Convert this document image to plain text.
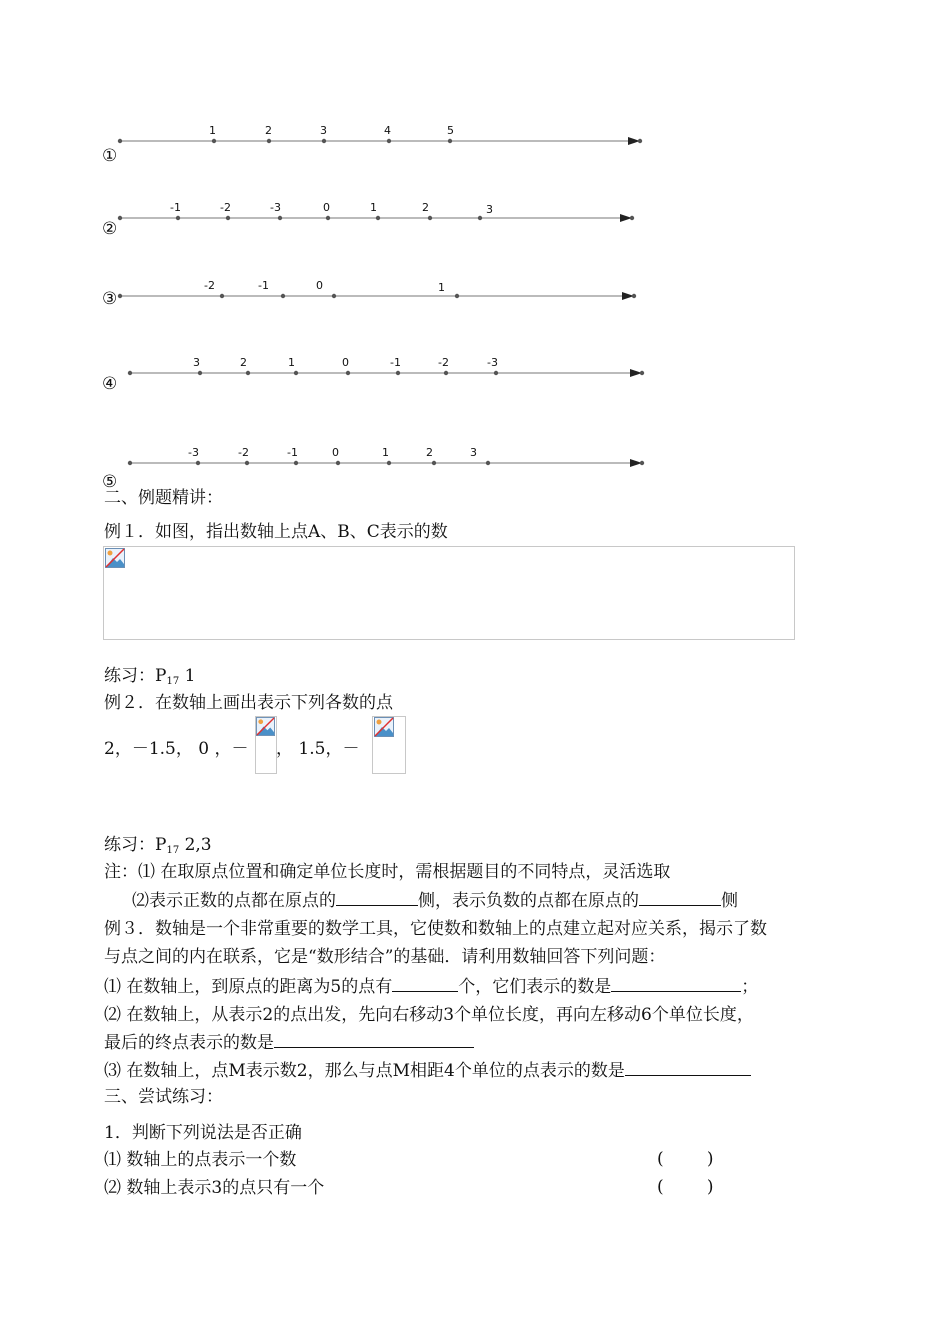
1	2	3	4	5
①
-1	-2	-3	0	1	2	3
②
-2	-1	0	1
③
3	2	1	0	-1	-2	-3
④
-3	-2	-1	0	1	2	3
⑤
二、例题精讲：
例１．如图，指出数轴上点A、B、C表示的数
练习：$P_{17}$ 1
例２．在数轴上画出表示下列各数的点
2，－1.5， 0 ，－ ， 1.5，－
练习：$P_{17}$ 2,3
注：⑴ 在取原点位置和确定单位长度时，需根据题目的不同特点，灵活选取
⑵表示正数的点都在原点的	侧，表示负数的点都在原点的	侧
例３．数轴是一个非常重要的数学工具，它使数和数轴上的点建立起对应关系，揭示了数
与点之间的内在联系，它是“数形结合”的基础．请利用数轴回答下列问题：
⑴ 在数轴上，到原点的距离为5的点有	个，它们表示的数是	；
⑵ 在数轴上，从表示2的点出发，先向右移动3个单位长度，再向左移动6个单位长度，
最后的终点表示的数是
⑶ 在数轴上，点M表示数2，那么与点M相距4个单位的点表示的数是
三、尝试练习：
1．判断下列说法是否正确
⑴ 数轴上的点表示一个数	(        )
⑵ 数轴上表示3的点只有一个	(        )
